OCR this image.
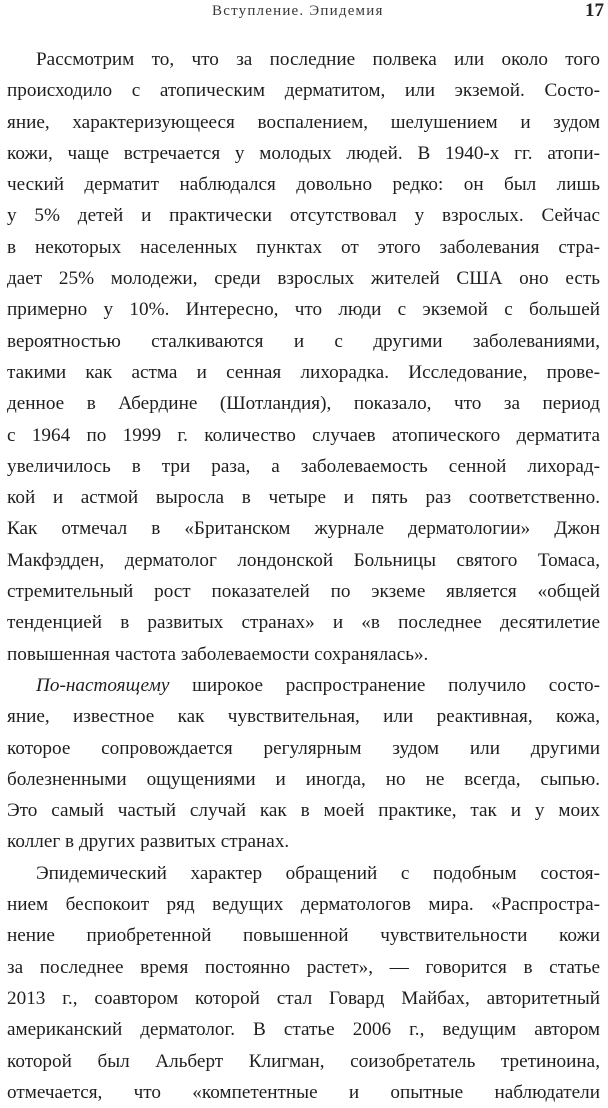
Вступление. Эпидемия	17
Рассмотрим то, что за последние полвека или около того
происходило с атопическим дерматитом, или экземой. Состо-
яние, характеризующееся воспалением, шелушением и зудом
кожи, чаще встречается у молодых людей. В 1940-х гг. атопи-
ческий дерматит наблюдался довольно редко: он был лишь
у 5% детей и практически отсутствовал у взрослых. Сейчас
в некоторых населенных пунктах от этого заболевания стра-
дает 25% молодежи, среди взрослых жителей США оно есть
примерно у 10%. Интересно, что люди с экземой с большей
вероятностью сталкиваются и с другими заболеваниями,
такими как астма и сенная лихорадка. Исследование, прове-
денное в Абердине (Шотландия), показало, что за период
с 1964 по 1999 г. количество случаев атопического дерматита
увеличилось в три раза, а заболеваемость сенной лихорад-
кой и астмой выросла в четыре и пять раз соответственно.
Как отмечал в «Британском журнале дерматологии» Джон
Макфэдден, дерматолог лондонской Больницы святого Томаса,
стремительный рост показателей по экземе является «общей
тенденцией в развитых странах» и «в последнее десятилетие
повышенная частота заболеваемости сохранялась».
По-настоящему широкое распространение получило состо-
яние, известное как чувствительная, или реактивная, кожа,
которое сопровождается регулярным зудом или другими
болезненными ощущениями и иногда, но не всегда, сыпью.
Это самый частый случай как в моей практике, так и у моих
коллег в других развитых странах.
Эпидемический характер обращений с подобным состоя-
нием беспокоит ряд ведущих дерматологов мира. «Распростра-
нение приобретенной повышенной чувствительности кожи
за последнее время постоянно растет», — говорится в статье
2013 г., соавтором которой стал Говард Майбах, авторитетный
американский дерматолог. В статье 2006 г., ведущим автором
которой был Альберт Клигман, соизобретатель третиноина,
отмечается, что «компетентные и опытные наблюдатели
